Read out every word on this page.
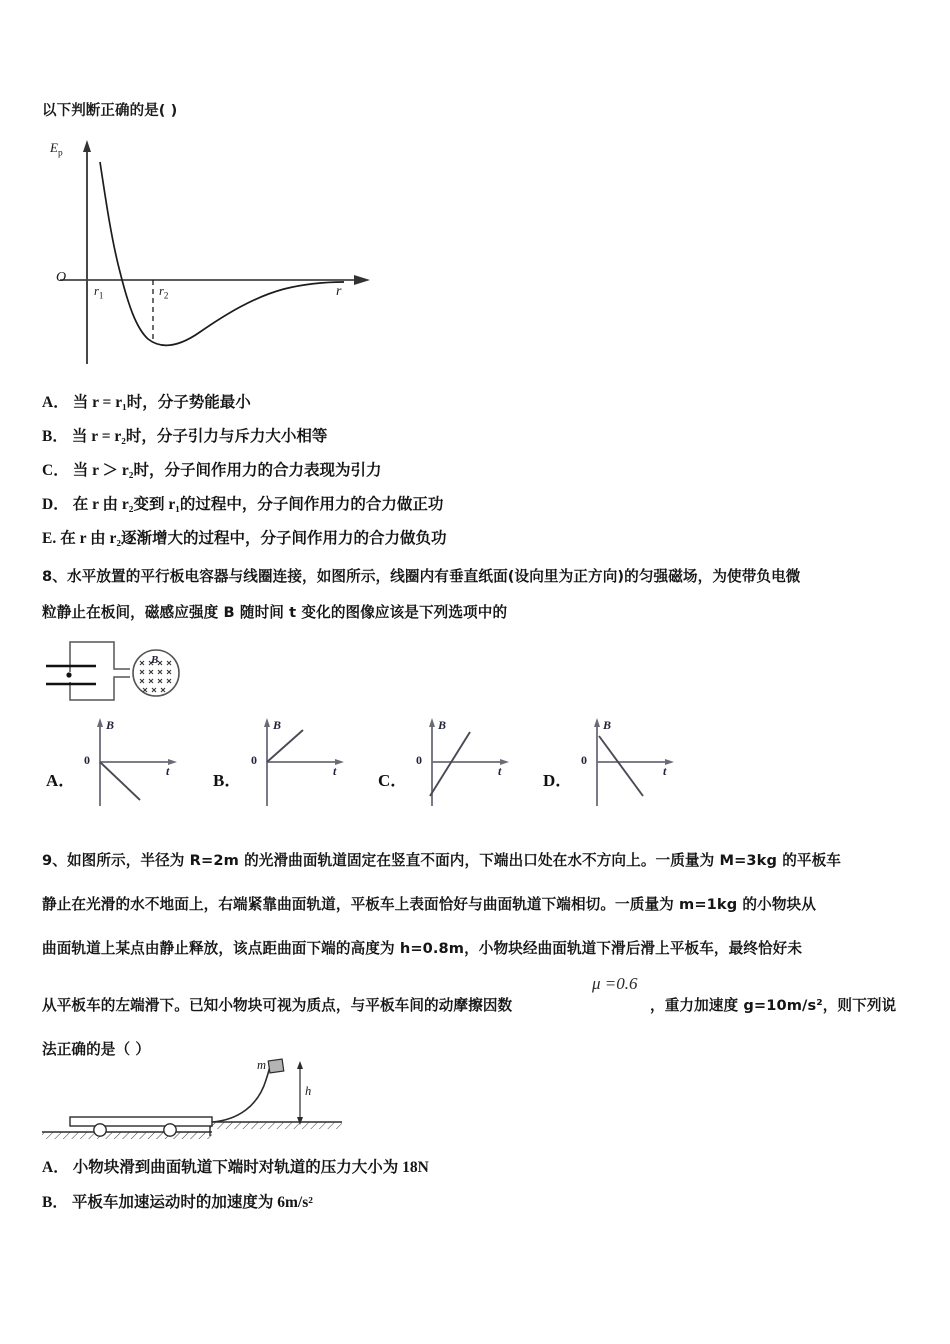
以下判断正确的是( )
$E_p$
O
$r_1$	$r_2$	r
A． 当 r = r₁时，分子势能最小
B． 当 r = r₂时，分子引力与斥力大小相等
C． 当 r ＞ r₂时，分子间作用力的合力表现为引力
D． 在 r 由 r₂变到 r₁的过程中，分子间作用力的合力做正功
E. 在 r 由 r₂逐渐增大的过程中，分子间作用力的合力做负功
8、水平放置的平行板电容器与线圈连接，如图所示，线圈内有垂直纸面(设向里为正方向)的匀强磁场，为使带负电微
粒静止在板间，磁感应强度 B 随时间 t 变化的图像应该是下列选项中的
B
A．
0
B
t	B．
0
B
t C．
0
B
t D．
0
B
t
9、如图所示，半径为 R=2m 的光滑曲面轨道固定在竖直不面内，下端出口处在水不方向上。一质量为 M=3kg 的平板车
静止在光滑的水不地面上，右端紧靠曲面轨道，平板车上表面恰好与曲面轨道下端相切。一质量为 m=1kg 的小物块从
曲面轨道上某点由静止释放，该点距曲面下端的高度为 h=0.8m，小物块经曲面轨道下滑后滑上平板车，最终恰好未
从平板车的左端滑下。已知小物块可视为质点，与平板车间的动摩擦因数
μ =0.6
，重力加速度 g=10m/s²，则下列说
法正确的是（ ）
m
h
A． 小物块滑到曲面轨道下端时对轨道的压力大小为 18N
B． 平板车加速运动时的加速度为 6m/s²
